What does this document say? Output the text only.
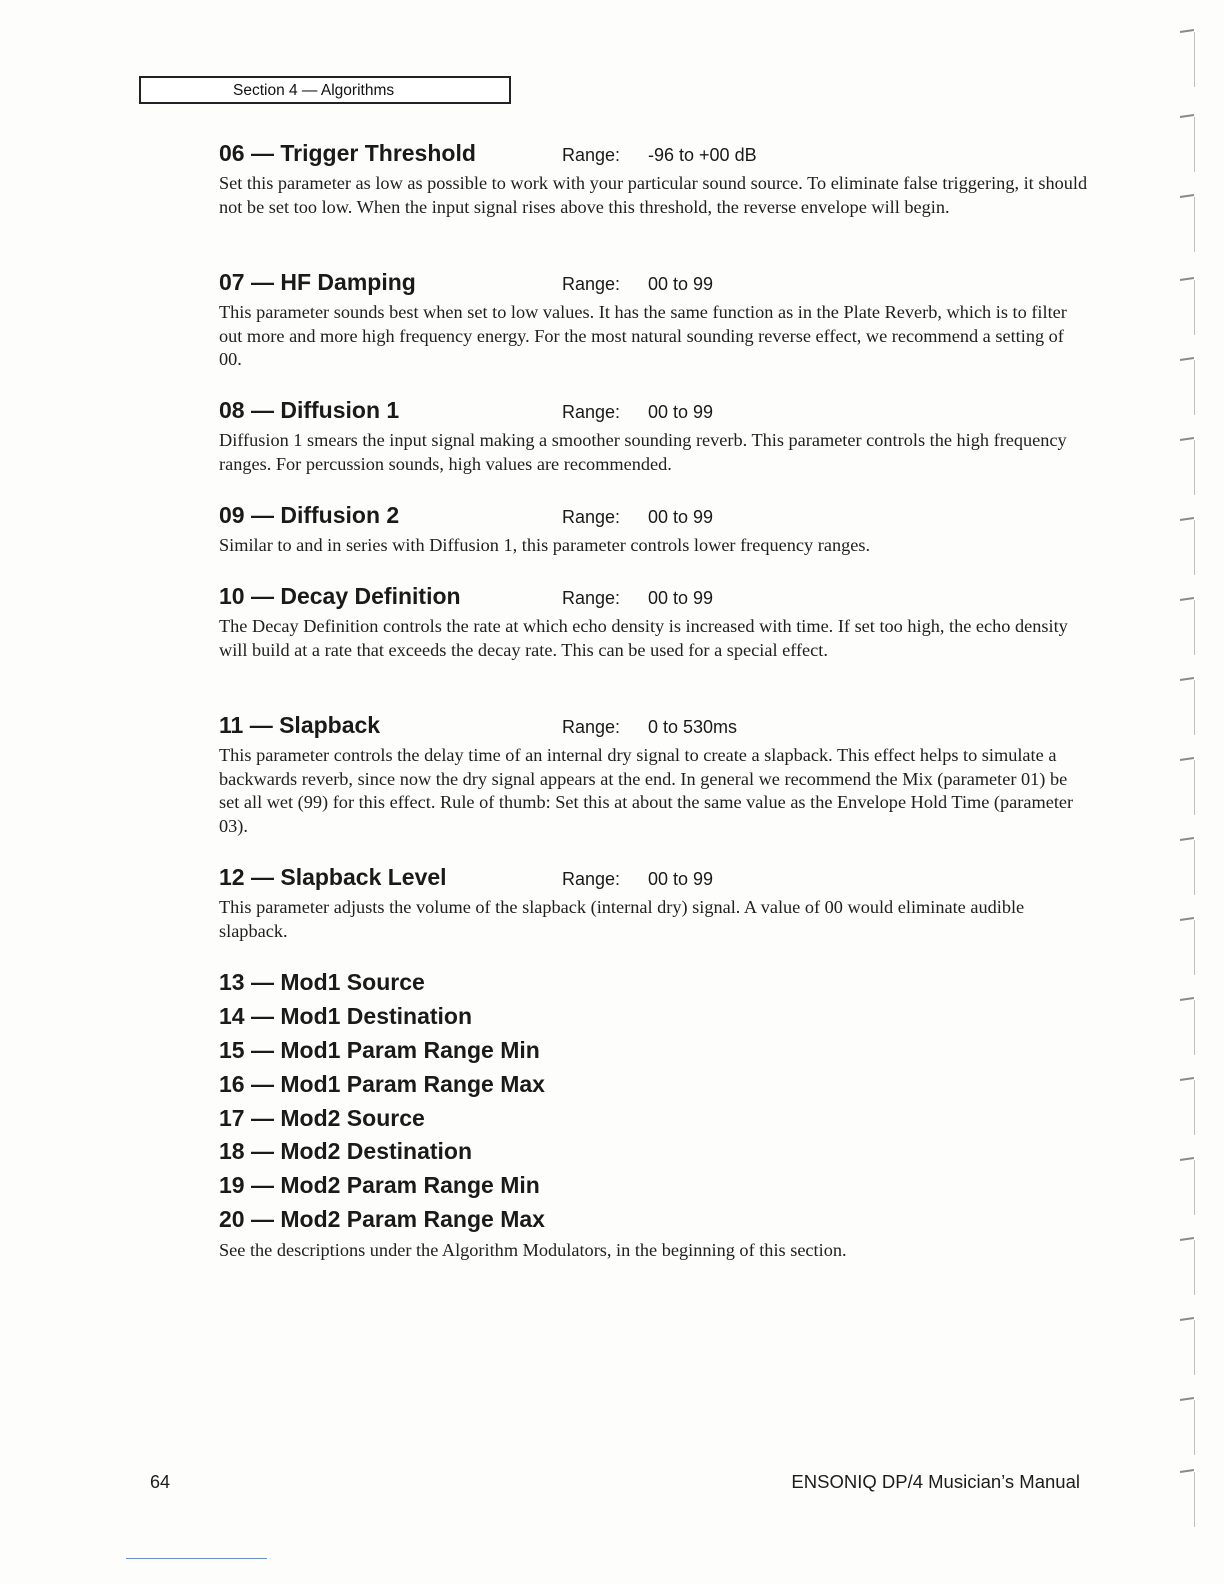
Section 4 — Algorithms
06 — Trigger Threshold	Range: -96 to +00 dB
Set this parameter as low as possible to work with your particular sound source. To eliminate false triggering, it should not be set too low. When the input signal rises above this threshold, the reverse envelope will begin.
07 — HF Damping	Range: 00 to 99
This parameter sounds best when set to low values. It has the same function as in the Plate Reverb, which is to filter out more and more high frequency energy. For the most natural sounding reverse effect, we recommend a setting of 00.
08 — Diffusion 1	Range: 00 to 99
Diffusion 1 smears the input signal making a smoother sounding reverb. This parameter controls the high frequency ranges. For percussion sounds, high values are recommended.
09 — Diffusion 2	Range: 00 to 99
Similar to and in series with Diffusion 1, this parameter controls lower frequency ranges.
10 — Decay Definition	Range: 00 to 99
The Decay Definition controls the rate at which echo density is increased with time. If set too high, the echo density will build at a rate that exceeds the decay rate. This can be used for a special effect.
11 — Slapback	Range: 0 to 530ms
This parameter controls the delay time of an internal dry signal to create a slapback. This effect helps to simulate a backwards reverb, since now the dry signal appears at the end. In general we recommend the Mix (parameter 01) be set all wet (99) for this effect. Rule of thumb: Set this at about the same value as the Envelope Hold Time (parameter 03).
12 — Slapback Level	Range: 00 to 99
This parameter adjusts the volume of the slapback (internal dry) signal. A value of 00 would eliminate audible slapback.
13 — Mod1 Source
14 — Mod1 Destination
15 — Mod1 Param Range Min
16 — Mod1 Param Range Max
17 — Mod2 Source
18 — Mod2 Destination
19 — Mod2 Param Range Min
20 — Mod2 Param Range Max
See the descriptions under the Algorithm Modulators, in the beginning of this section.
64	ENSONIQ DP/4 Musician’s Manual
